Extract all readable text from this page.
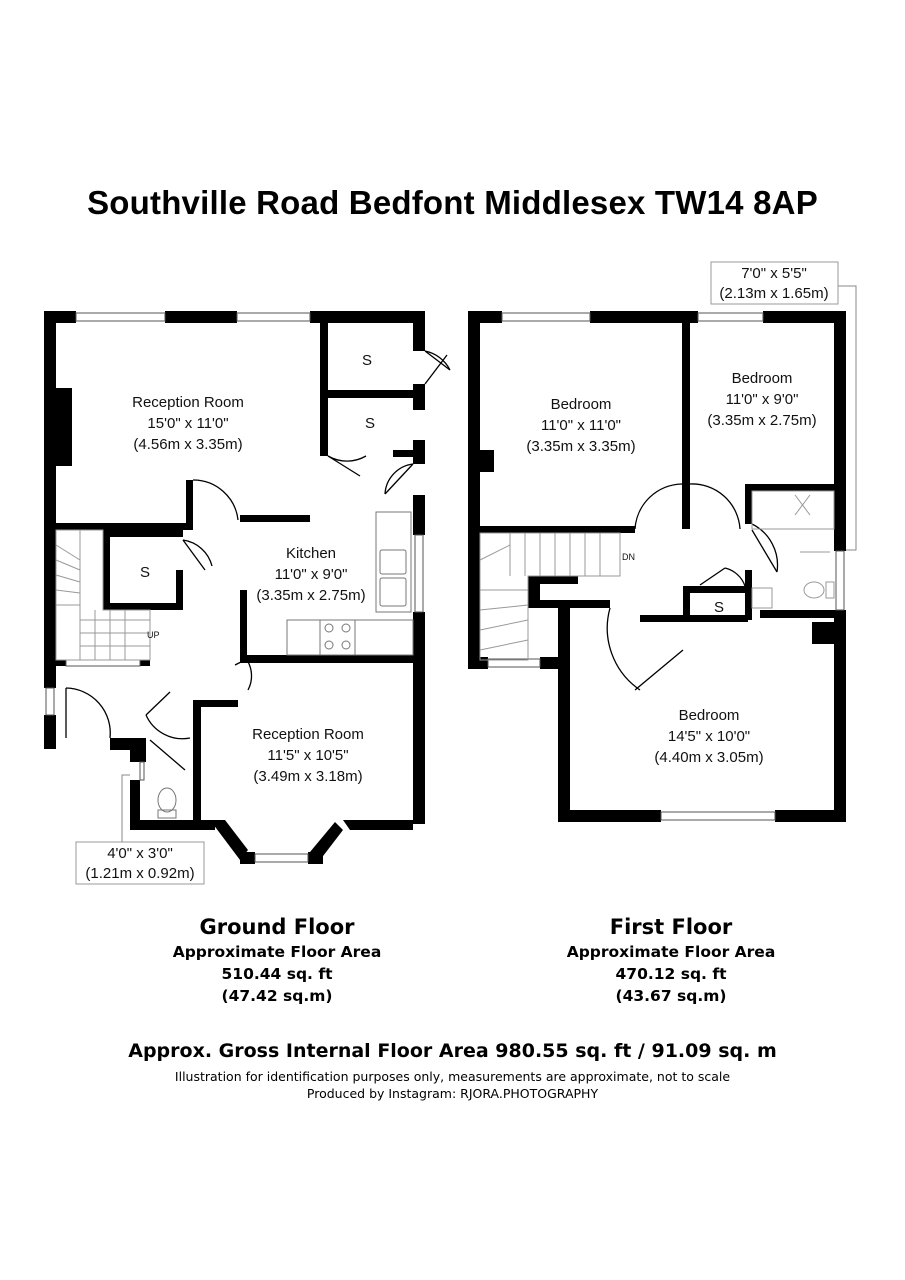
Southville Road Bedfont Middlesex TW14 8AP
Reception Room
15'0" x 11'0"
(4.56m x 3.35m)
Kitchen
11'0" x 9'0"
(3.35m x 2.75m)
Reception Room
11'5" x 10'5"
(3.49m x 3.18m)
S
S
S
UP
4'0" x 3'0"
(1.21m x 0.92m)
Bedroom
11'0" x 11'0"
(3.35m x 3.35m)
Bedroom
11'0" x 9'0"
(3.35m x 2.75m)
Bedroom
14'5" x 10'0"
(4.40m x 3.05m)
S
DN
7'0" x 5'5"
(2.13m x 1.65m)
Ground Floor
Approximate Floor Area
510.44 sq. ft
(47.42 sq.m)
First Floor
Approximate Floor Area
470.12 sq. ft
(43.67 sq.m)
Approx. Gross Internal Floor Area 980.55 sq. ft / 91.09 sq. m
Illustration for identification purposes only, measurements are approximate, not to scale
Produced by Instagram: RJORA.PHOTOGRAPHY
